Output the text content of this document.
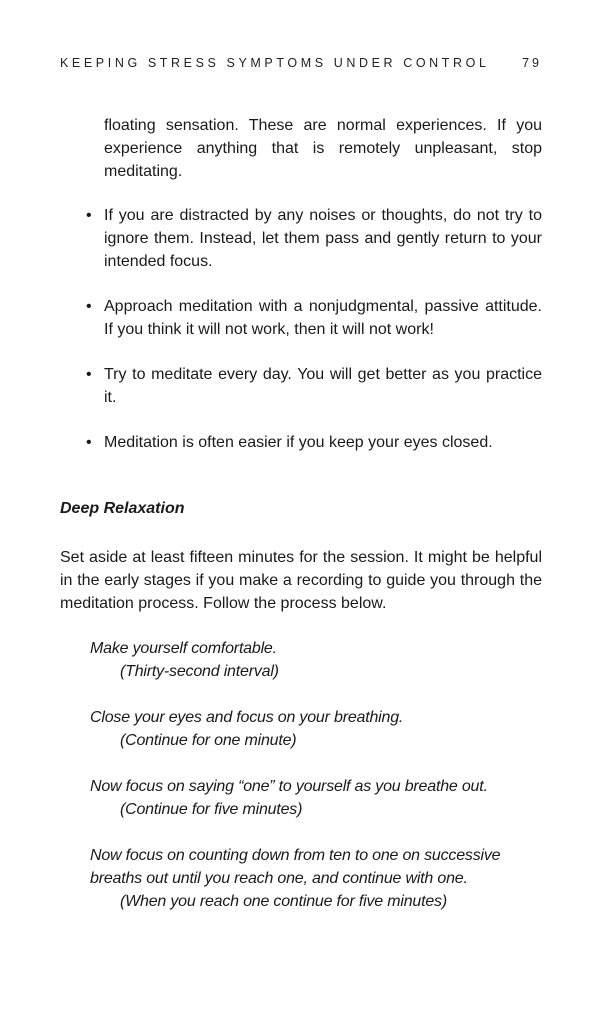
KEEPING STRESS SYMPTOMS UNDER CONTROL	79

floating sensation. These are normal experiences. If you experience anything that is remotely unpleasant, stop meditating.

• If you are distracted by any noises or thoughts, do not try to ignore them. Instead, let them pass and gently return to your intended focus.
• Approach meditation with a nonjudgmental, passive attitude. If you think it will not work, then it will not work!
• Try to meditate every day. You will get better as you practice it.
• Meditation is often easier if you keep your eyes closed.
Deep Relaxation

Set aside at least fifteen minutes for the session. It might be helpful in the early stages if you make a recording to guide you through the meditation process. Follow the process below.

Make yourself comfortable.
(Thirty-second interval)
Close your eyes and focus on your breathing.
(Continue for one minute)
Now focus on saying “one” to yourself as you breathe out.
(Continue for five minutes)
Now focus on counting down from ten to one on successive breaths out until you reach one, and continue with one.
(When you reach one continue for five minutes)
